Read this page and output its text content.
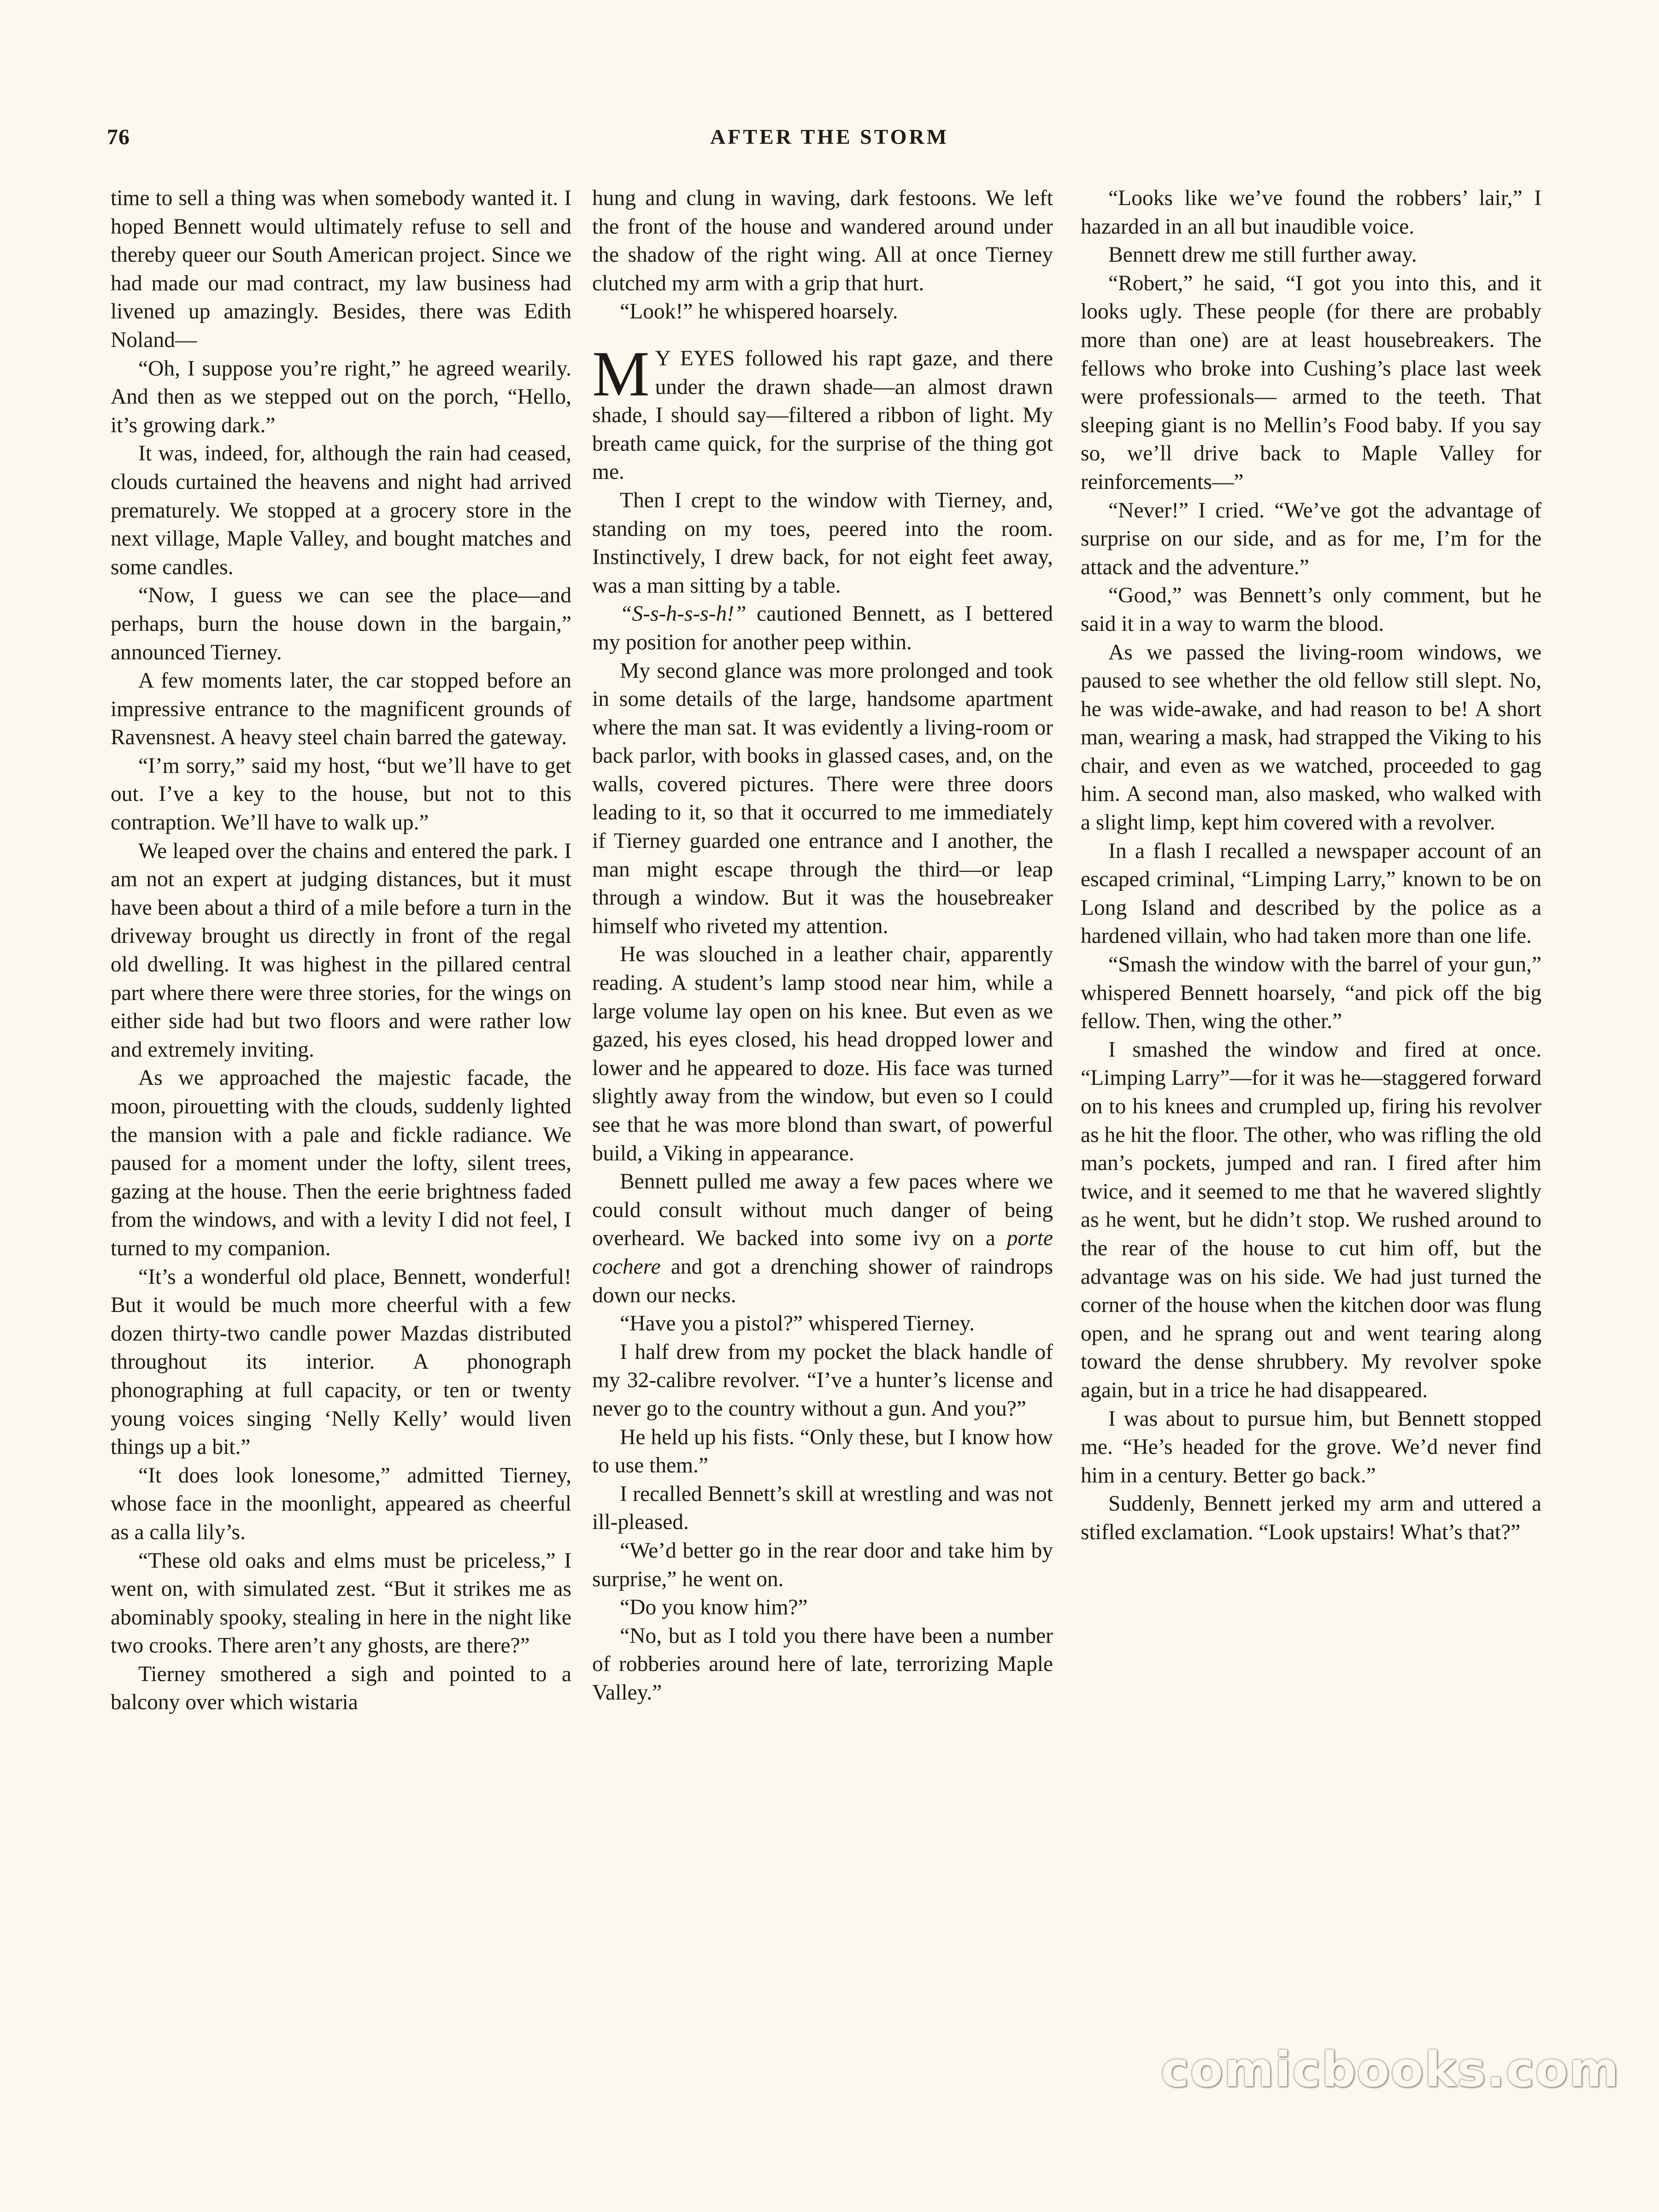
76	AFTER THE STORM

time to sell a thing was when somebody wanted it. I hoped Bennett would ultimately refuse to sell and thereby queer our South American project. Since we had made our mad contract, my law business had livened up amazingly. Besides, there was Edith Noland—

“Oh, I suppose you’re right,” he agreed wearily. And then as we stepped out on the porch, “Hello, it’s growing dark.”

It was, indeed, for, although the rain had ceased, clouds curtained the heavens and night had arrived prematurely. We stopped at a grocery store in the next village, Maple Valley, and bought matches and some candles.

“Now, I guess we can see the place—and perhaps, burn the house down in the bargain,” announced Tierney.

A few moments later, the car stopped before an impressive entrance to the magnificent grounds of Ravensnest. A heavy steel chain barred the gateway.

“I’m sorry,” said my host, “but we’ll have to get out. I’ve a key to the house, but not to this contraption. We’ll have to walk up.”

We leaped over the chains and entered the park. I am not an expert at judging distances, but it must have been about a third of a mile before a turn in the driveway brought us directly in front of the regal old dwelling. It was highest in the pillared central part where there were three stories, for the wings on either side had but two floors and were rather low and extremely inviting.

As we approached the majestic facade, the moon, pirouetting with the clouds, suddenly lighted the mansion with a pale and fickle radiance. We paused for a moment under the lofty, silent trees, gazing at the house. Then the eerie brightness faded from the windows, and with a levity I did not feel, I turned to my companion.

“It’s a wonderful old place, Bennett, wonderful! But it would be much more cheerful with a few dozen thirty-two candle power Mazdas distributed throughout its interior. A phonograph phonographing at full capacity, or ten or twenty young voices singing ‘Nelly Kelly’ would liven things up a bit.”

“It does look lonesome,” admitted Tierney, whose face in the moonlight, appeared as cheerful as a calla lily’s.

“These old oaks and elms must be priceless,” I went on, with simulated zest. “But it strikes me as abominably spooky, stealing in here in the night like two crooks. There aren’t any ghosts, are there?”

Tierney smothered a sigh and pointed to a balcony over which wistaria

hung and clung in waving, dark festoons. We left the front of the house and wandered around under the shadow of the right wing. All at once Tierney clutched my arm with a grip that hurt.

“Look!” he whispered hoarsely.

M Y EYES followed his rapt gaze, and there under the drawn shade—an almost drawn shade, I should say—filtered a ribbon of light. My breath came quick, for the surprise of the thing got me.

Then I crept to the window with Tierney, and, standing on my toes, peered into the room. Instinctively, I drew back, for not eight feet away, was a man sitting by a table.

“S-s-h-s-s-h!” cautioned Bennett, as I bettered my position for another peep within.

My second glance was more prolonged and took in some details of the large, handsome apartment where the man sat. It was evidently a living-room or back parlor, with books in glassed cases, and, on the walls, covered pictures. There were three doors leading to it, so that it occurred to me immediately if Tierney guarded one entrance and I another, the man might escape through the third—or leap through a window. But it was the housebreaker himself who riveted my attention.

He was slouched in a leather chair, apparently reading. A student’s lamp stood near him, while a large volume lay open on his knee. But even as we gazed, his eyes closed, his head dropped lower and lower and he appeared to doze. His face was turned slightly away from the window, but even so I could see that he was more blond than swart, of powerful build, a Viking in appearance.

Bennett pulled me away a few paces where we could consult without much danger of being overheard. We backed into some ivy on a porte cochere and got a drenching shower of raindrops down our necks.

“Have you a pistol?” whispered Tierney.

I half drew from my pocket the black handle of my 32-calibre revolver. “I’ve a hunter’s license and never go to the country without a gun. And you?”

He held up his fists. “Only these, but I know how to use them.”

I recalled Bennett’s skill at wrestling and was not ill-pleased.

“We’d better go in the rear door and take him by surprise,” he went on.

“Do you know him?”

“No, but as I told you there have been a number of robberies around here of late, terrorizing Maple Valley.”

“Looks like we’ve found the robbers’ lair,” I hazarded in an all but inaudible voice.

Bennett drew me still further away.

“Robert,” he said, “I got you into this, and it looks ugly. These people (for there are probably more than one) are at least housebreakers. The fellows who broke into Cushing’s place last week were professionals— armed to the teeth. That sleeping giant is no Mellin’s Food baby. If you say so, we’ll drive back to Maple Valley for reinforcements—”

“Never!” I cried. “We’ve got the advantage of surprise on our side, and as for me, I’m for the attack and the adventure.”

“Good,” was Bennett’s only comment, but he said it in a way to warm the blood.

As we passed the living-room windows, we paused to see whether the old fellow still slept. No, he was wide-awake, and had reason to be! A short man, wearing a mask, had strapped the Viking to his chair, and even as we watched, proceeded to gag him. A second man, also masked, who walked with a slight limp, kept him covered with a revolver.

In a flash I recalled a newspaper account of an escaped criminal, “Limping Larry,” known to be on Long Island and described by the police as a hardened villain, who had taken more than one life.

“Smash the window with the barrel of your gun,” whispered Bennett hoarsely, “and pick off the big fellow. Then, wing the other.”

I smashed the window and fired at once. “Limping Larry”—for it was he—staggered forward on to his knees and crumpled up, firing his revolver as he hit the floor. The other, who was rifling the old man’s pockets, jumped and ran. I fired after him twice, and it seemed to me that he wavered slightly as he went, but he didn’t stop. We rushed around to the rear of the house to cut him off, but the advantage was on his side. We had just turned the corner of the house when the kitchen door was flung open, and he sprang out and went tearing along toward the dense shrubbery. My revolver spoke again, but in a trice he had disappeared.

I was about to pursue him, but Bennett stopped me. “He’s headed for the grove. We’d never find him in a century. Better go back.”

Suddenly, Bennett jerked my arm and uttered a stifled exclamation. “Look upstairs! What’s that?”

comicbooks.com
